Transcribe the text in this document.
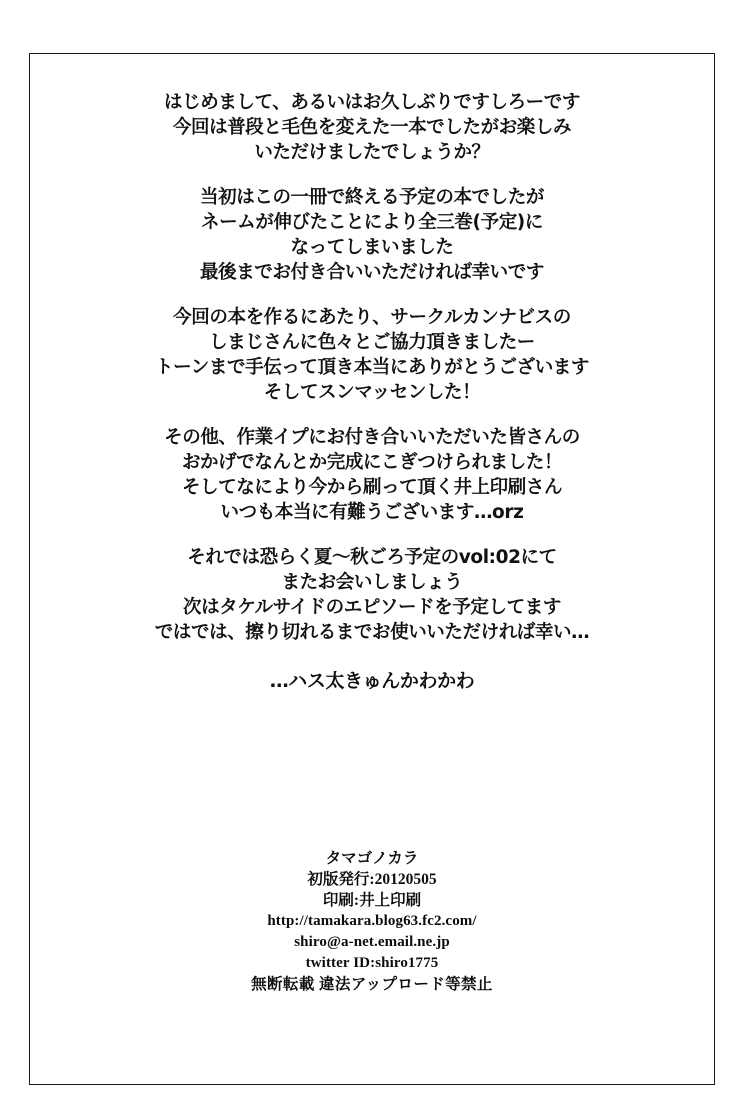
はじめまして、あるいはお久しぶりですしろーです
今回は普段と毛色を変えた一本でしたがお楽しみ
いただけましたでしょうか？

当初はこの一冊で終える予定の本でしたが
ネームが伸びたことにより全三巻(予定)に
なってしまいました
最後までお付き合いいただければ幸いです

今回の本を作るにあたり、サークルカンナビスの
しまじさんに色々とご協力頂きましたー
トーンまで手伝って頂き本当にありがとうございます
そしてスンマッセンした！

その他、作業イプにお付き合いいただいた皆さんの
おかげでなんとか完成にこぎつけられました！
そしてなにより今から刷って頂く井上印刷さん
いつも本当に有難うございます…orz

それでは恐らく夏〜秋ごろ予定のvol:02にて
またお会いしましょう
次はタケルサイドのエピソードを予定してます
ではでは、擦り切れるまでお使いいただければ幸い…

…ハス太きゅんかわかわ

タマゴノカラ
初版発行:20120505
印刷:井上印刷
http://tamakara.blog63.fc2.com/
shiro@a-net.email.ne.jp
twitter ID:shiro1775
無断転載 違法アップロード等禁止
